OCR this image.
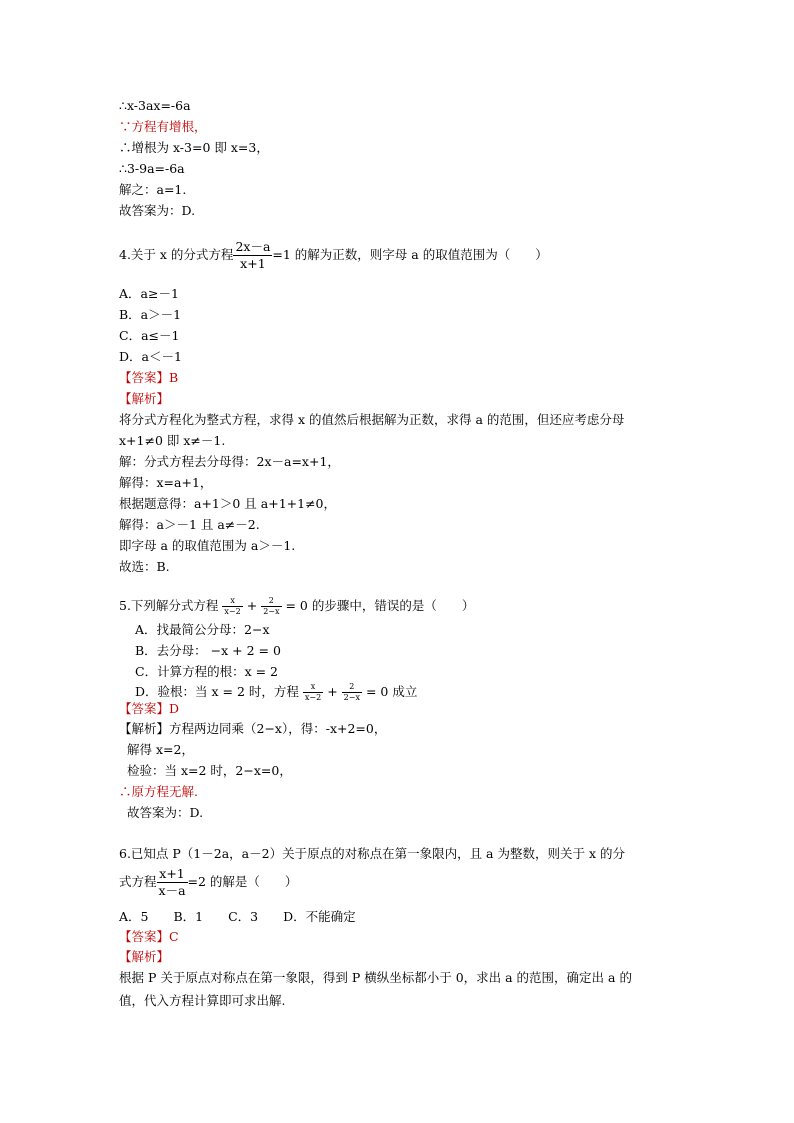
∴x-3ax=-6a
∵方程有增根，
∴增根为 x-3=0 即 x=3，
∴3-9a=-6a
解之：a=1.
故答案为：D.
4.关于 x 的分式方程 $\frac{2x-a}{x+1} =1$ 的解为正数，则字母 a 的取值范围为（　　）
A．a≥－1
B．a＞－1
C．a≤－1
D．a＜－1
【答案】B
【解析】
将分式方程化为整式方程，求得 x 的值然后根据解为正数，求得 a 的范围，但还应考虑分母
x+1≠0 即 x≠－1.
解：分式方程去分母得：2x－a=x+1，
解得：x=a+1，
根据题意得：a+1＞0 且 a+1+1≠0，
解得：a＞－1 且 a≠－2.
即字母 a 的取值范围为 a＞－1.
故选：B.
5.下列解分式方程 $\frac{x}{x-2} + \frac{2}{2-x} = 0$ 的步骤中，错误的是（　　）
A．找最简公分母：2−x
B．去分母： −x + 2 = 0
C．计算方程的根：x = 2
D．验根：当 x = 2 时，方程 $\frac{x}{x-2} + \frac{2}{2-x} = 0$ 成立
【答案】D
【解析】方程两边同乘（2−x），得：-x+2=0，
解得 x=2，
检验：当 x=2 时，2−x=0，
∴原方程无解.
故答案为：D.
6.已知点 P（1－2a，a－2）关于原点的对称点在第一象限内，且 a 为整数，则关于 x 的分
式方程 $\frac{x+1}{x-a} =2$ 的解是（　　）
A．5　　B．1　　C．3　　D．不能确定
【答案】C
【解析】
根据 P 关于原点对称点在第一象限，得到 P 横纵坐标都小于 0，求出 a 的范围，确定出 a 的
值，代入方程计算即可求出解.
